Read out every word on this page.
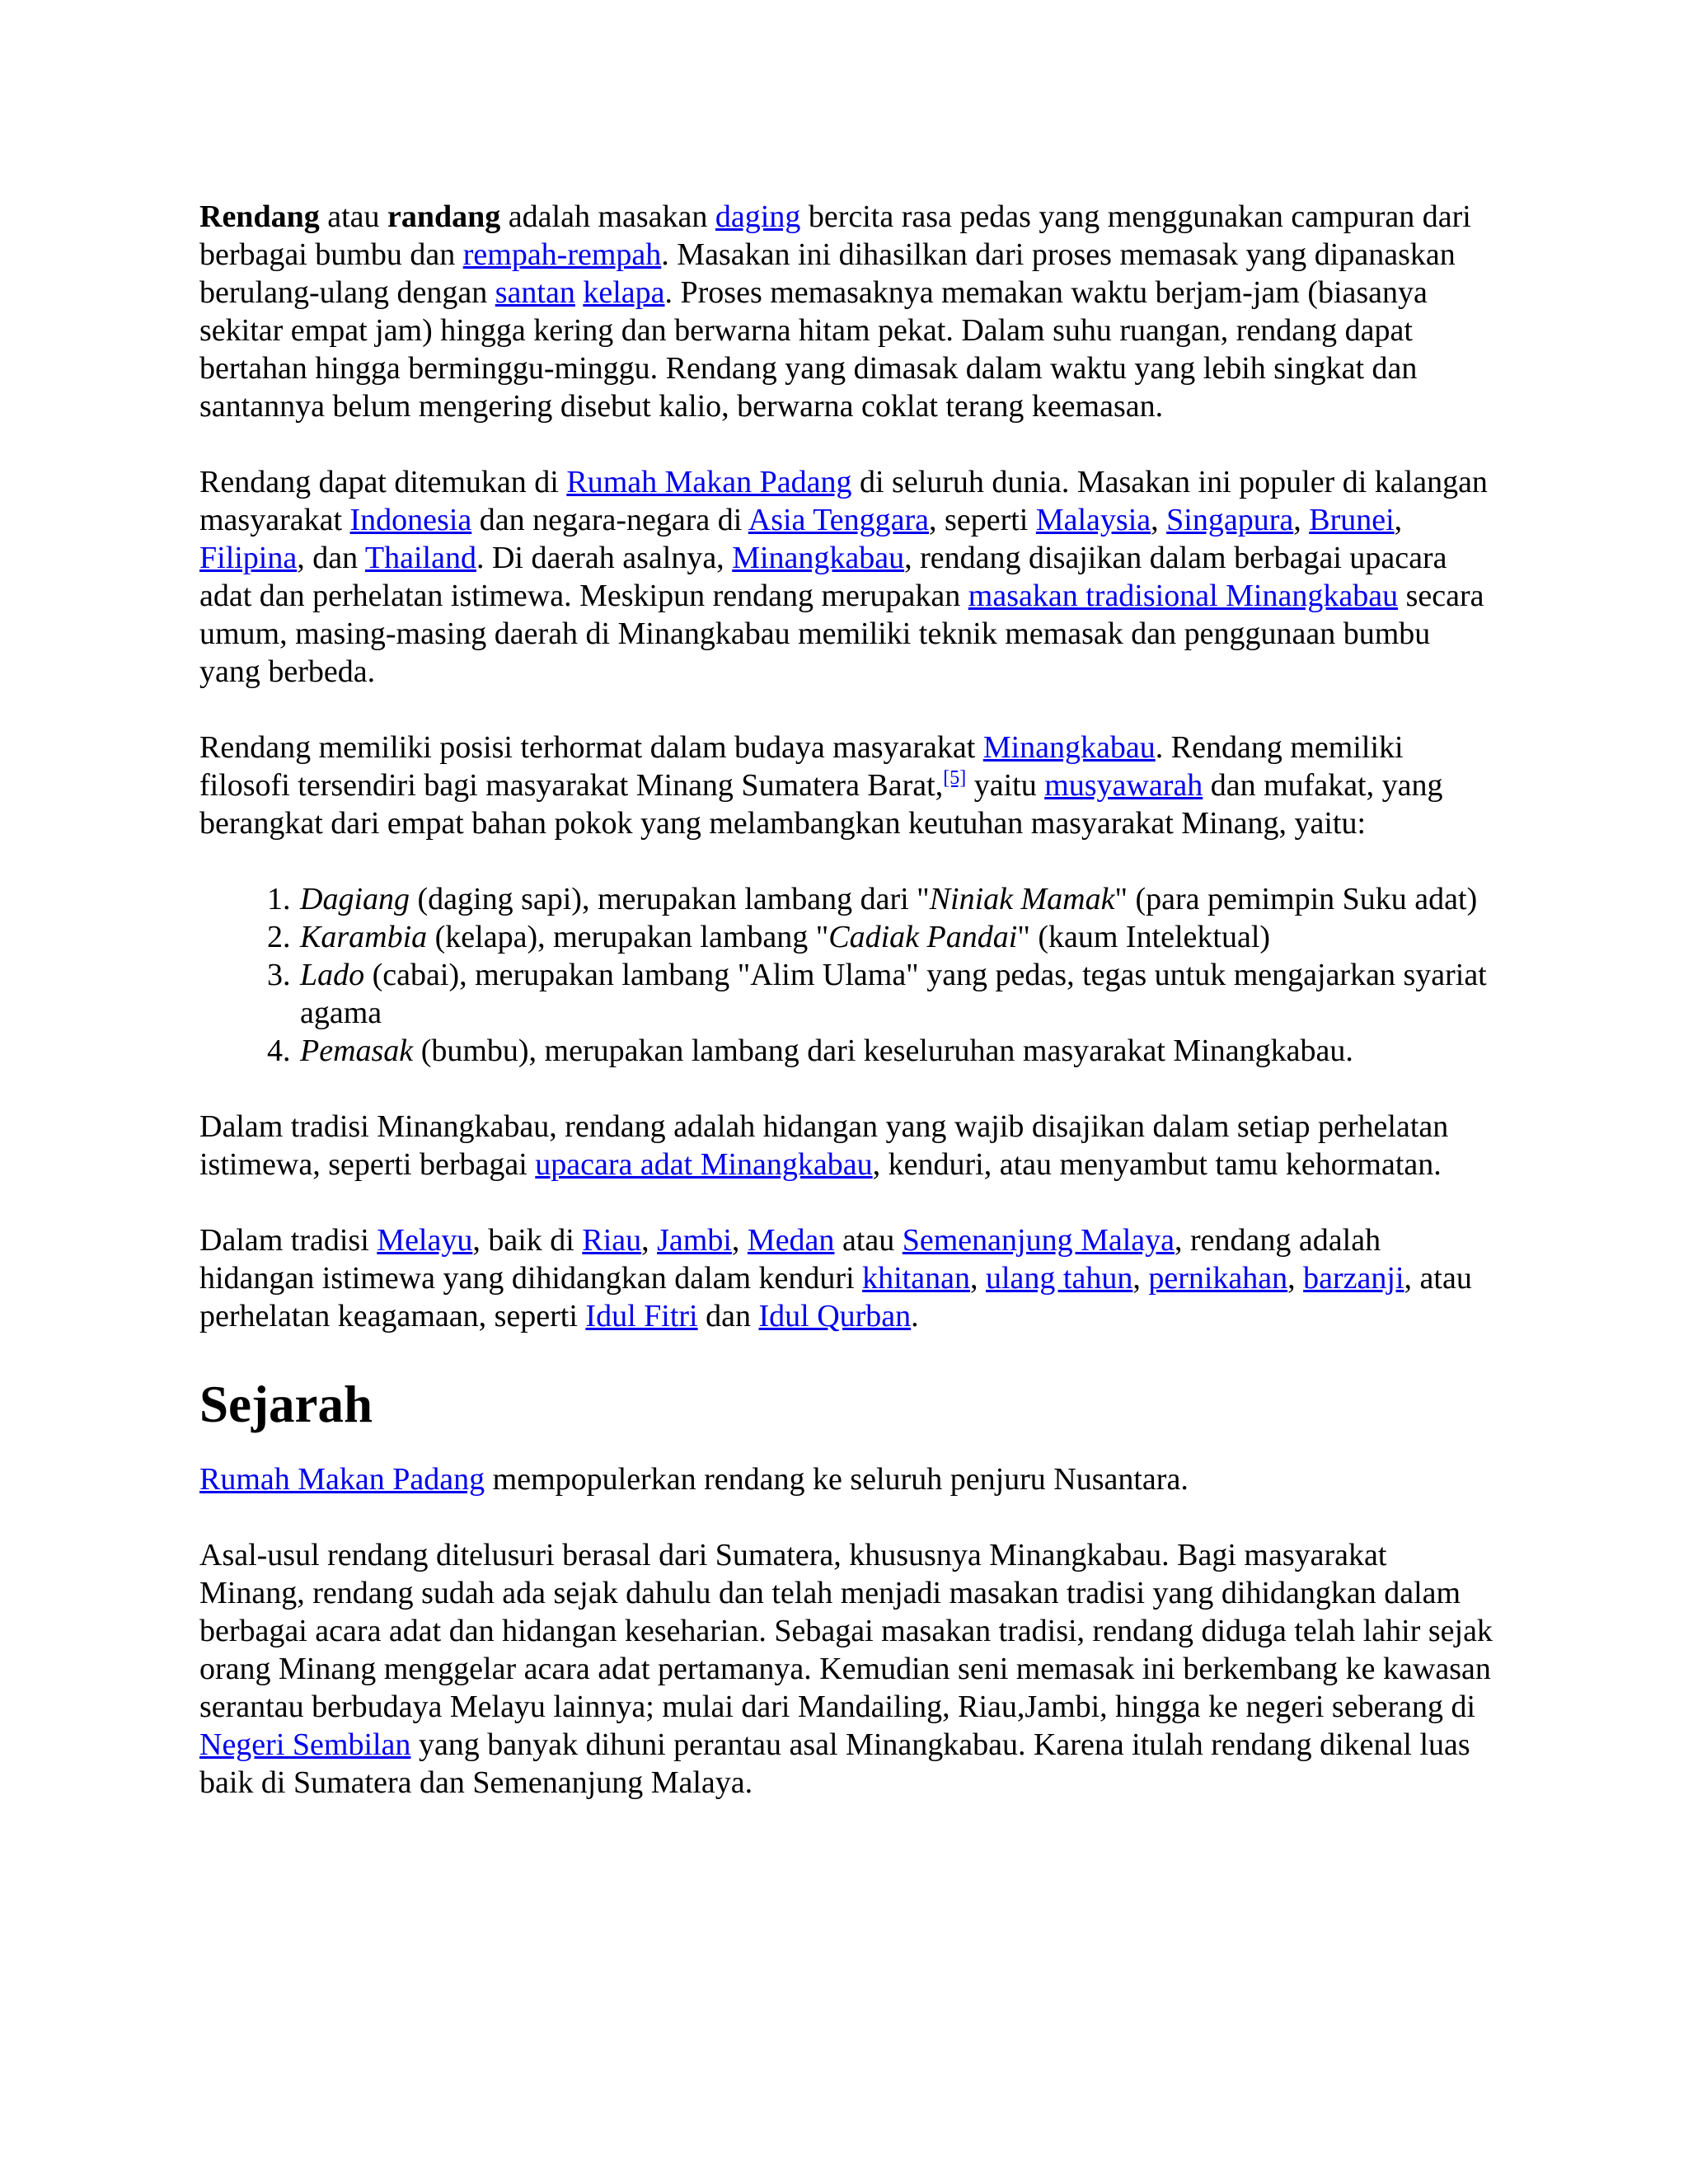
Rendang atau randang adalah masakan daging bercita rasa pedas yang menggunakan campuran dari berbagai bumbu dan rempah-rempah. Masakan ini dihasilkan dari proses memasak yang dipanaskan berulang-ulang dengan santan kelapa. Proses memasaknya memakan waktu berjam-jam (biasanya sekitar empat jam) hingga kering dan berwarna hitam pekat. Dalam suhu ruangan, rendang dapat bertahan hingga berminggu-minggu. Rendang yang dimasak dalam waktu yang lebih singkat dan santannya belum mengering disebut kalio, berwarna coklat terang keemasan.

Rendang dapat ditemukan di Rumah Makan Padang di seluruh dunia. Masakan ini populer di kalangan masyarakat Indonesia dan negara-negara di Asia Tenggara, seperti Malaysia, Singapura, Brunei, Filipina, dan Thailand. Di daerah asalnya, Minangkabau, rendang disajikan dalam berbagai upacara adat dan perhelatan istimewa. Meskipun rendang merupakan masakan tradisional Minangkabau secara umum, masing-masing daerah di Minangkabau memiliki teknik memasak dan penggunaan bumbu yang berbeda.

Rendang memiliki posisi terhormat dalam budaya masyarakat Minangkabau. Rendang memiliki filosofi tersendiri bagi masyarakat Minang Sumatera Barat,[5] yaitu musyawarah dan mufakat, yang berangkat dari empat bahan pokok yang melambangkan keutuhan masyarakat Minang, yaitu:

1. Dagiang (daging sapi), merupakan lambang dari "Niniak Mamak" (para pemimpin Suku adat)
2. Karambia (kelapa), merupakan lambang "Cadiak Pandai" (kaum Intelektual)
3. Lado (cabai), merupakan lambang "Alim Ulama" yang pedas, tegas untuk mengajarkan syariat agama
4. Pemasak (bumbu), merupakan lambang dari keseluruhan masyarakat Minangkabau.

Dalam tradisi Minangkabau, rendang adalah hidangan yang wajib disajikan dalam setiap perhelatan istimewa, seperti berbagai upacara adat Minangkabau, kenduri, atau menyambut tamu kehormatan.

Dalam tradisi Melayu, baik di Riau, Jambi, Medan atau Semenanjung Malaya, rendang adalah hidangan istimewa yang dihidangkan dalam kenduri khitanan, ulang tahun, pernikahan, barzanji, atau perhelatan keagamaan, seperti Idul Fitri dan Idul Qurban.

Sejarah

Rumah Makan Padang mempopulerkan rendang ke seluruh penjuru Nusantara.

Asal-usul rendang ditelusuri berasal dari Sumatera, khususnya Minangkabau. Bagi masyarakat Minang, rendang sudah ada sejak dahulu dan telah menjadi masakan tradisi yang dihidangkan dalam berbagai acara adat dan hidangan keseharian. Sebagai masakan tradisi, rendang diduga telah lahir sejak orang Minang menggelar acara adat pertamanya. Kemudian seni memasak ini berkembang ke kawasan serantau berbudaya Melayu lainnya; mulai dari Mandailing, Riau,Jambi, hingga ke negeri seberang di Negeri Sembilan yang banyak dihuni perantau asal Minangkabau. Karena itulah rendang dikenal luas baik di Sumatera dan Semenanjung Malaya.
